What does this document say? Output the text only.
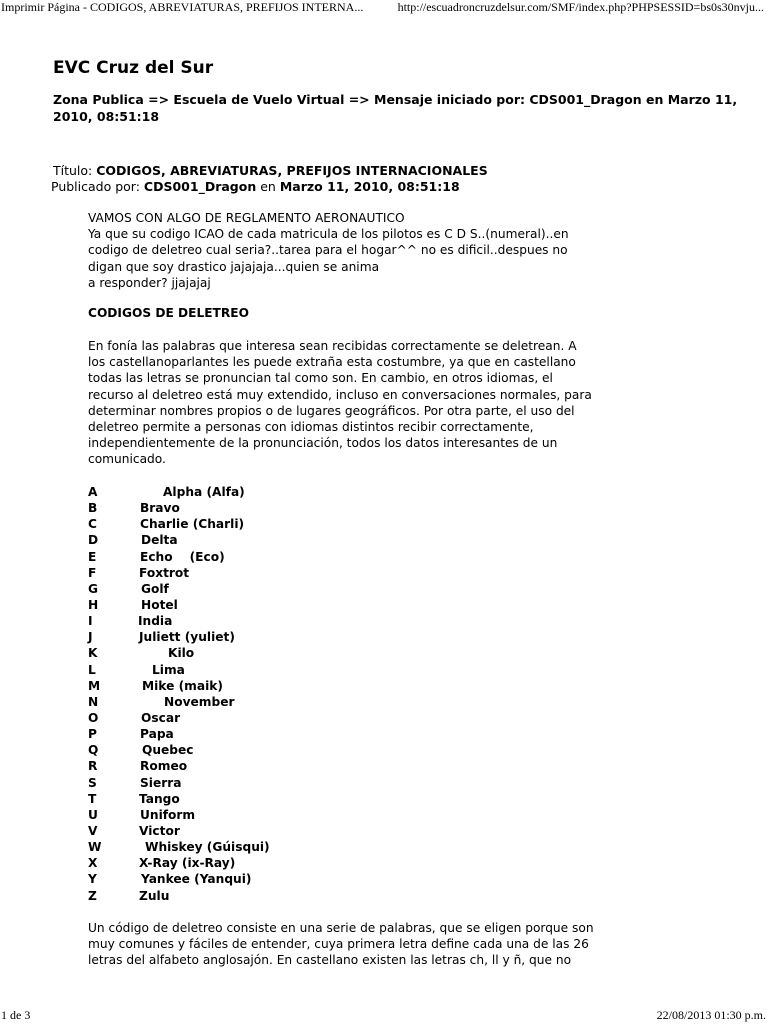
Imprimir Página - CODIGOS, ABREVIATURAS, PREFIJOS INTERNA...	http://escuadroncruzdelsur.com/SMF/index.php?PHPSESSID=bs0s30nvju...
EVC Cruz del Sur
Zona Publica => Escuela de Vuelo Virtual => Mensaje iniciado por: CDS001_Dragon en Marzo 11, 2010, 08:51:18
Título: CODIGOS, ABREVIATURAS, PREFIJOS INTERNACIONALES
Publicado por: CDS001_Dragon en Marzo 11, 2010, 08:51:18
VAMOS CON ALGO DE REGLAMENTO AERONAUTICO
Ya que su codigo ICAO de cada matricula de los pilotos es C D S..(numeral)..en
codigo de deletreo cual seria?..tarea para el hogar^^ no es dificil..despues no
digan que soy drastico jajajaja...quien se anima
a responder? jjajajaj
CODIGOS DE DELETREO
En fonía las palabras que interesa sean recibidas correctamente se deletrean. A
los castellanoparlantes les puede extraña esta costumbre, ya que en castellano
todas las letras se pronuncian tal como son. En cambio, en otros idiomas, el
recurso al deletreo está muy extendido, incluso en conversaciones normales, para
determinar nombres propios o de lugares geográficos. Por otra parte, el uso del
deletreo permite a personas con idiomas distintos recibir correctamente,
independientemente de la pronunciación, todos los datos interesantes de un
comunicado.
A	Alpha (Alfa)
B	Bravo
C	Charlie (Charli)
D	Delta
E	Echo    (Eco)
F	Foxtrot
G	Golf
H	Hotel
I	India
J	Juliett (yuliet)
K	Kilo
L	Lima
M	Mike (maik)
N	November
O	Oscar
P	Papa
Q	Quebec
R	Romeo
S	Sierra
T	Tango
U	Uniform
V	Victor
W	Whiskey (Gúisqui)
X	X-Ray (ix-Ray)
Y	Yankee (Yanqui)
Z	Zulu
Un código de deletreo consiste en una serie de palabras, que se eligen porque son
muy comunes y fáciles de entender, cuya primera letra define cada una de las 26
letras del alfabeto anglosajón. En castellano existen las letras ch, ll y ñ, que no
1 de 3	22/08/2013 01:30 p.m.
